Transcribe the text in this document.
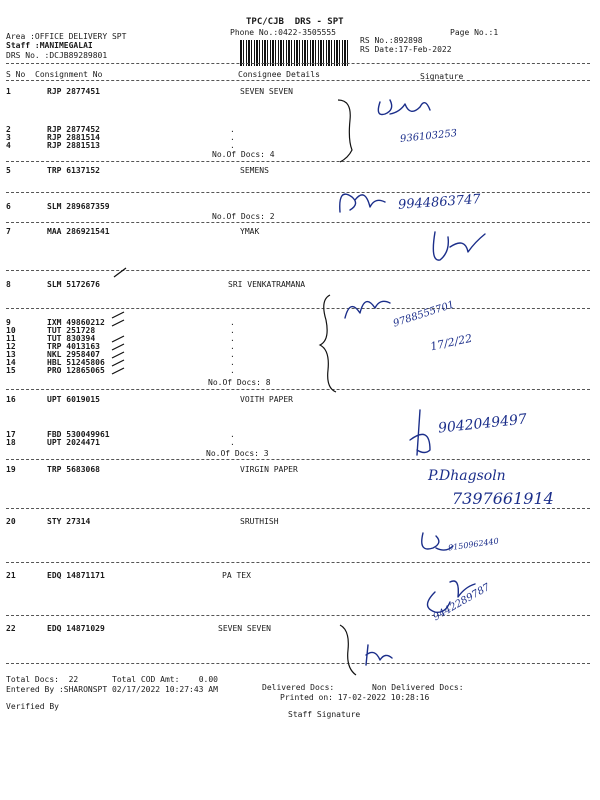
TPC/CJB  DRS - SPT
Phone No.:0422-3505555
Area :OFFICE DELIVERY SPT
Staff :MANIMEGALAI
DRS No. :DCJB89289801
RS No.:892898
RS Date:17-Feb-2022
Page No.:1
S No Consignment No	Consignee Details	Signature
1	RJP 2877451	SEVEN SEVEN
2	RJP 2877452	.
3	RJP 2881514	.
4	RJP 2881513	.
5	TRP 6137152	SEMENS
6	SLM 289687359
7	MAA 286921541	YMAK
8	SLM 5172676	SRI VENKATRAMANA
9	IXM 49860212	.
10	TUT 251728	.
11	TUT 830394	.
12	TRP 4013163	.
13	NKL 2958407	.
14	HBL 51245806	.
15	PRO 12865065	.
16	UPT 6019015	VOITH PAPER
17	FBD 530049961	.
18	UPT 2024471	.
19	TRP 5683068	VIRGIN PAPER
20	STY 27314	SRUTHISH
21	EDQ 14871171	PA TEX
22	EDQ 14871029	SEVEN SEVEN
No.Of Docs: 4
No.Of Docs: 2
No.Of Docs: 8
No.Of Docs: 3
936103253
9944863747
9788555701
17/2/22
9042049497
P.Dhagsoln
7397661914
9150962440
9442289787
Total Docs:  22	Total COD Amt:    0.00
Delivered Docs:	Non Delivered Docs:
Entered By :SHARONSPT 02/17/2022 10:27:43 AM
Printed on: 17-02-2022 10:28:16
Verified By
Staff Signature
